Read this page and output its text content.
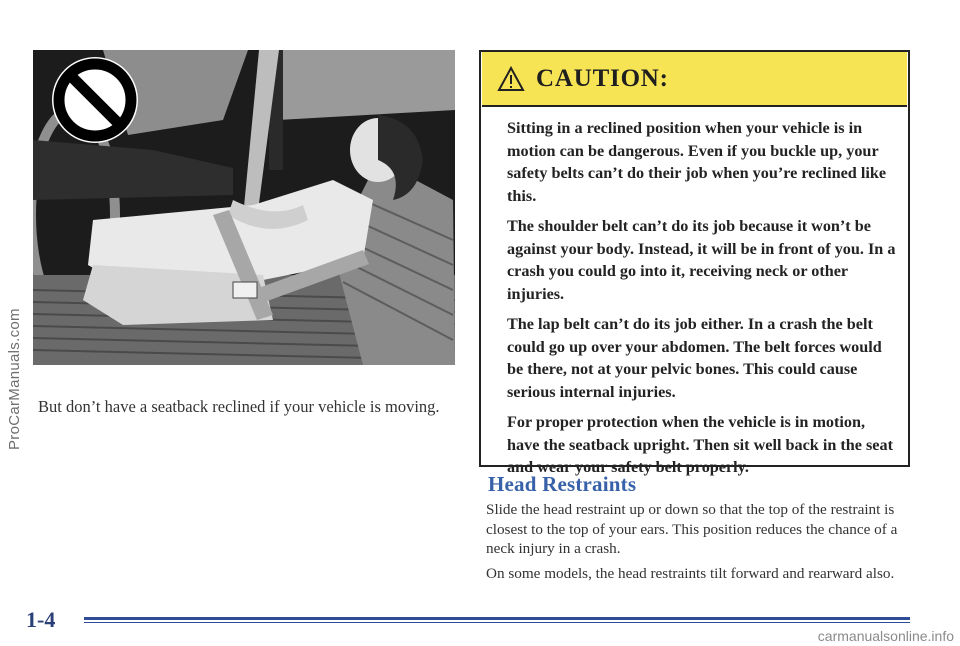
ProCarManuals.com But don’t have a seatback reclined if your vehicle is moving.
CAUTION:

Sitting in a reclined position when your vehicle is in motion can be dangerous. Even if you buckle up, your safety belts can’t do their job when you’re reclined like this.

The shoulder belt can’t do its job because it won’t be against your body. Instead, it will be in front of you. In a crash you could go into it, receiving neck or other injuries.

The lap belt can’t do its job either. In a crash the belt could go up over your abdomen. The belt forces would be there, not at your pelvic bones. This could cause serious internal injuries.

For proper protection when the vehicle is in motion, have the seatback upright. Then sit well back in the seat and wear your safety belt properly.

Head Restraints

Slide the head restraint up or down so that the top of the restraint is closest to the top of your ears. This position reduces the chance of a neck injury in a crash.

On some models, the head restraints tilt forward and rearward also.

1-4
carmanualsonline.info
